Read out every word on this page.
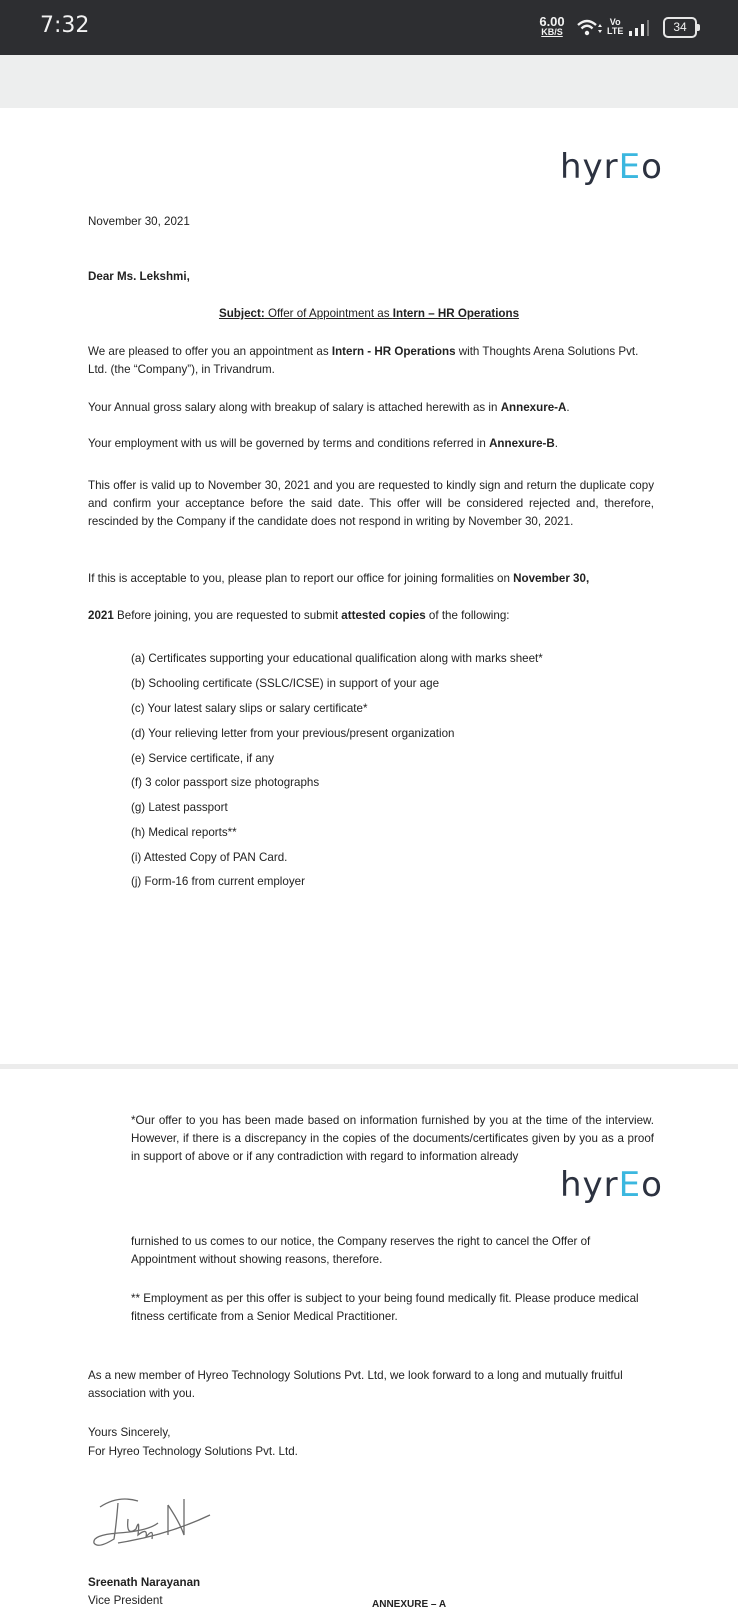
7:32	6.00
KB/S
Vo
LTE	34
hyrEo
November 30, 2021
Dear Ms. Lekshmi,
Subject: Offer of Appointment as Intern – HR Operations
We are pleased to offer you an appointment as Intern - HR Operations with Thoughts Arena Solutions Pvt. Ltd. (the “Company”), in Trivandrum.
Your Annual gross salary along with breakup of salary is attached herewith as in Annexure-A.
Your employment with us will be governed by terms and conditions referred in Annexure-B.
This offer is valid up to November 30, 2021 and you are requested to kindly sign and return the duplicate copy and confirm your acceptance before the said date. This offer will be considered rejected and, therefore, rescinded by the Company if the candidate does not respond in writing by November 30, 2021.
If this is acceptable to you, please plan to report our office for joining formalities on November 30,
2021 Before joining, you are requested to submit attested copies of the following:
(a) Certificates supporting your educational qualification along with marks sheet*
(b) Schooling certificate (SSLC/ICSE) in support of your age
(c) Your latest salary slips or salary certificate*
(d) Your relieving letter from your previous/present organization
(e) Service certificate, if any
(f) 3 color passport size photographs
(g) Latest passport
(h) Medical reports**
(i) Attested Copy of PAN Card.
(j) Form-16 from current employer
*Our offer to you has been made based on information furnished by you at the time of the interview. However, if there is a discrepancy in the copies of the documents/certificates given by you as a proof in support of above or if any contradiction with regard to information already
hyrEo
furnished to us comes to our notice, the Company reserves the right to cancel the Offer of Appointment without showing reasons, therefore.
** Employment as per this offer is subject to your being found medically fit. Please produce medical fitness certificate from a Senior Medical Practitioner.
As a new member of Hyreo Technology Solutions Pvt. Ltd, we look forward to a long and mutually fruitful association with you.
Yours Sincerely,
For Hyreo Technology Solutions Pvt. Ltd.
Sreenath Narayanan
Vice President	ANNEXURE – A
